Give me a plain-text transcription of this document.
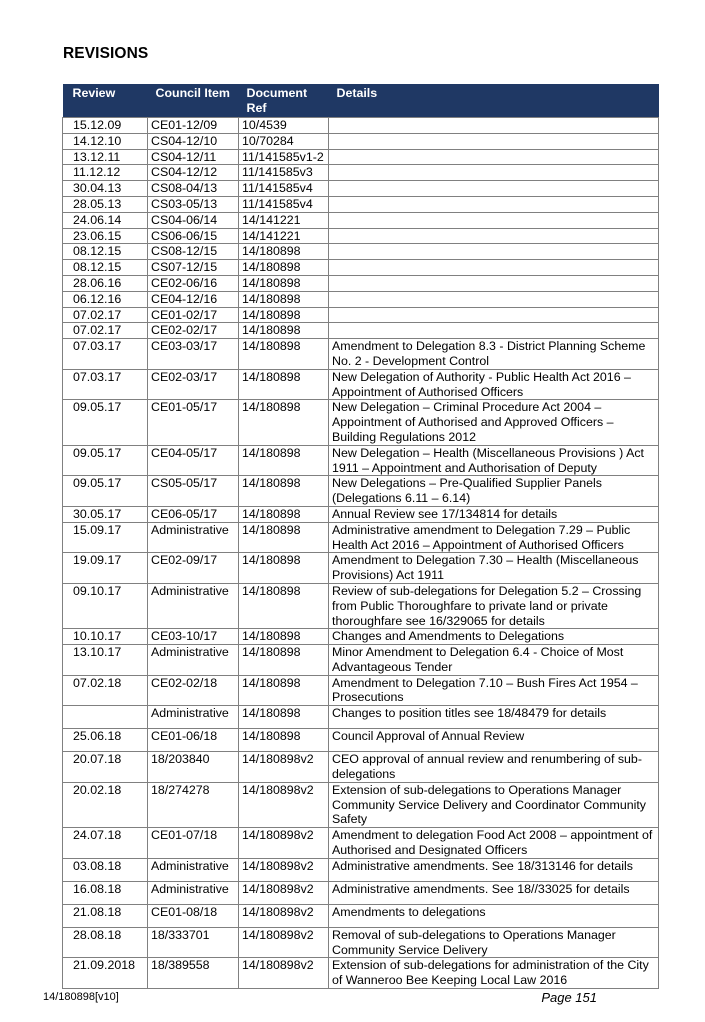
REVISIONS
Review	Council Item	Document Ref	Details
15.12.09	CE01-12/09	10/4539	
14.12.10	CS04-12/10	10/70284	
13.12.11	CS04-12/11	11/141585v1-2	
11.12.12	CS04-12/12	11/141585v3	
30.04.13	CS08-04/13	11/141585v4	
28.05.13	CS03-05/13	11/141585v4	
24.06.14	CS04-06/14	14/141221	
23.06.15	CS06-06/15	14/141221	
08.12.15	CS08-12/15	14/180898	
08.12.15	CS07-12/15	14/180898	
28.06.16	CE02-06/16	14/180898	
06.12.16	CE04-12/16	14/180898	
07.02.17	CE01-02/17	14/180898	
07.02.17	CE02-02/17	14/180898	
07.03.17	CE03-03/17	14/180898	Amendment to Delegation 8.3 - District Planning Scheme No. 2 - Development Control
07.03.17	CE02-03/17	14/180898	New Delegation of Authority - Public Health Act 2016 – Appointment of Authorised Officers
09.05.17	CE01-05/17	14/180898	New Delegation – Criminal Procedure Act 2004 – Appointment of Authorised and Approved Officers – Building Regulations 2012
09.05.17	CE04-05/17	14/180898	New Delegation – Health (Miscellaneous Provisions ) Act 1911 – Appointment and Authorisation of Deputy
09.05.17	CS05-05/17	14/180898	New Delegations – Pre-Qualified Supplier Panels (Delegations 6.11 – 6.14)
30.05.17	CE06-05/17	14/180898	Annual Review see 17/134814 for details
15.09.17	Administrative	14/180898	Administrative amendment to Delegation 7.29 – Public Health Act 2016 – Appointment of Authorised Officers
19.09.17	CE02-09/17	14/180898	Amendment to Delegation 7.30 – Health (Miscellaneous Provisions) Act 1911
09.10.17	Administrative	14/180898	Review of sub-delegations for Delegation 5.2 – Crossing from Public Thoroughfare to private land or private thoroughfare see 16/329065 for details
10.10.17	CE03-10/17	14/180898	Changes and Amendments to Delegations
13.10.17	Administrative	14/180898	Minor Amendment to Delegation 6.4 - Choice of Most Advantageous Tender
07.02.18	CE02-02/18	14/180898	Amendment to Delegation 7.10 – Bush Fires Act 1954 – Prosecutions
	Administrative	14/180898	Changes to position titles see 18/48479 for details
25.06.18	CE01-06/18	14/180898	Council Approval of Annual Review
20.07.18	18/203840	14/180898v2	CEO approval of annual review and renumbering of sub-delegations
20.02.18	18/274278	14/180898v2	Extension of sub-delegations to Operations Manager Community Service Delivery and Coordinator Community Safety
24.07.18	CE01-07/18	14/180898v2	Amendment to delegation Food Act 2008 – appointment of Authorised and Designated Officers
03.08.18	Administrative	14/180898v2	Administrative amendments. See 18/313146 for details
16.08.18	Administrative	14/180898v2	Administrative amendments. See 18//33025 for details
21.08.18	CE01-08/18	14/180898v2	Amendments to delegations
28.08.18	18/333701	14/180898v2	Removal of sub-delegations to Operations Manager Community Service Delivery
21.09.2018	18/389558	14/180898v2	Extension of sub-delegations for administration of the City of Wanneroo Bee Keeping Local Law 2016
14/180898[v10]	Page 151
